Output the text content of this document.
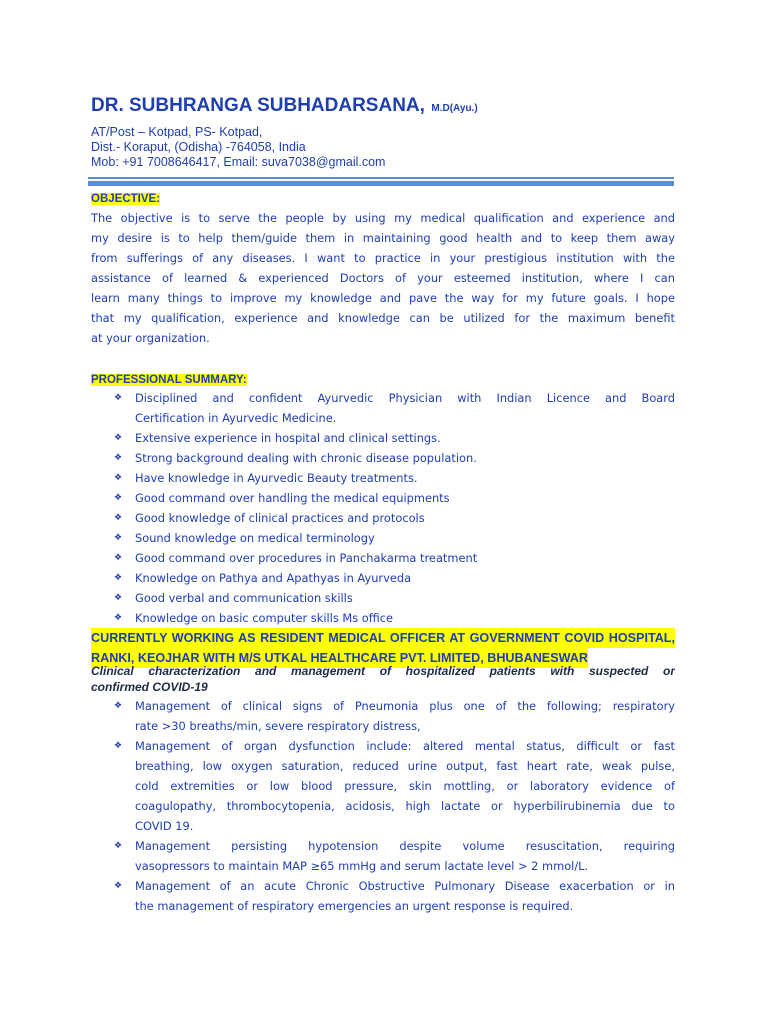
DR. SUBHRANGA SUBHADARSANA, M.D(Ayu.)
AT/Post – Kotpad, PS- Kotpad,
Dist.- Koraput, (Odisha) -764058, India
Mob: +91 7008646417, Email: suva7038@gmail.com
OBJECTIVE:
The objective is to serve the people by using my medical qualification and experience and
my desire is to help them/guide them in maintaining good health and to keep them away
from sufferings of any diseases. I want to practice in your prestigious institution with the
assistance of learned & experienced Doctors of your esteemed institution, where I can
learn many things to improve my knowledge and pave the way for my future goals. I hope
that my qualification, experience and knowledge can be utilized for the maximum benefit
at your organization.
PROFESSIONAL SUMMARY:
❖ Disciplined and confident Ayurvedic Physician with Indian Licence and Board
Certification in Ayurvedic Medicine.
❖ Extensive experience in hospital and clinical settings.
❖ Strong background dealing with chronic disease population.
❖ Have knowledge in Ayurvedic Beauty treatments.
❖ Good command over handling the medical equipments
❖ Good knowledge of clinical practices and protocols
❖ Sound knowledge on medical terminology
❖ Good command over procedures in Panchakarma treatment
❖ Knowledge on Pathya and Apathyas in Ayurveda
❖ Good verbal and communication skills
❖ Knowledge on basic computer skills Ms office
CURRENTLY WORKING AS RESIDENT MEDICAL OFFICER AT GOVERNMENT COVID HOSPITAL,
RANKI, KEOJHAR WITH M/S UTKAL HEALTHCARE PVT. LIMITED, BHUBANESWAR
Clinical characterization and management of hospitalized patients with suspected or
confirmed COVID-19
❖ Management of clinical signs of Pneumonia plus one of the following; respiratory
rate >30 breaths/min, severe respiratory distress,
❖ Management of organ dysfunction include: altered mental status, difficult or fast
breathing, low oxygen saturation, reduced urine output, fast heart rate, weak pulse,
cold extremities or low blood pressure, skin mottling, or laboratory evidence of
coagulopathy, thrombocytopenia, acidosis, high lactate or hyperbilirubinemia due to
COVID 19.
❖ Management persisting hypotension despite volume resuscitation, requiring
vasopressors to maintain MAP ≥65 mmHg and serum lactate level > 2 mmol/L.
❖ Management of an acute Chronic Obstructive Pulmonary Disease exacerbation or in
the management of respiratory emergencies an urgent response is required.
